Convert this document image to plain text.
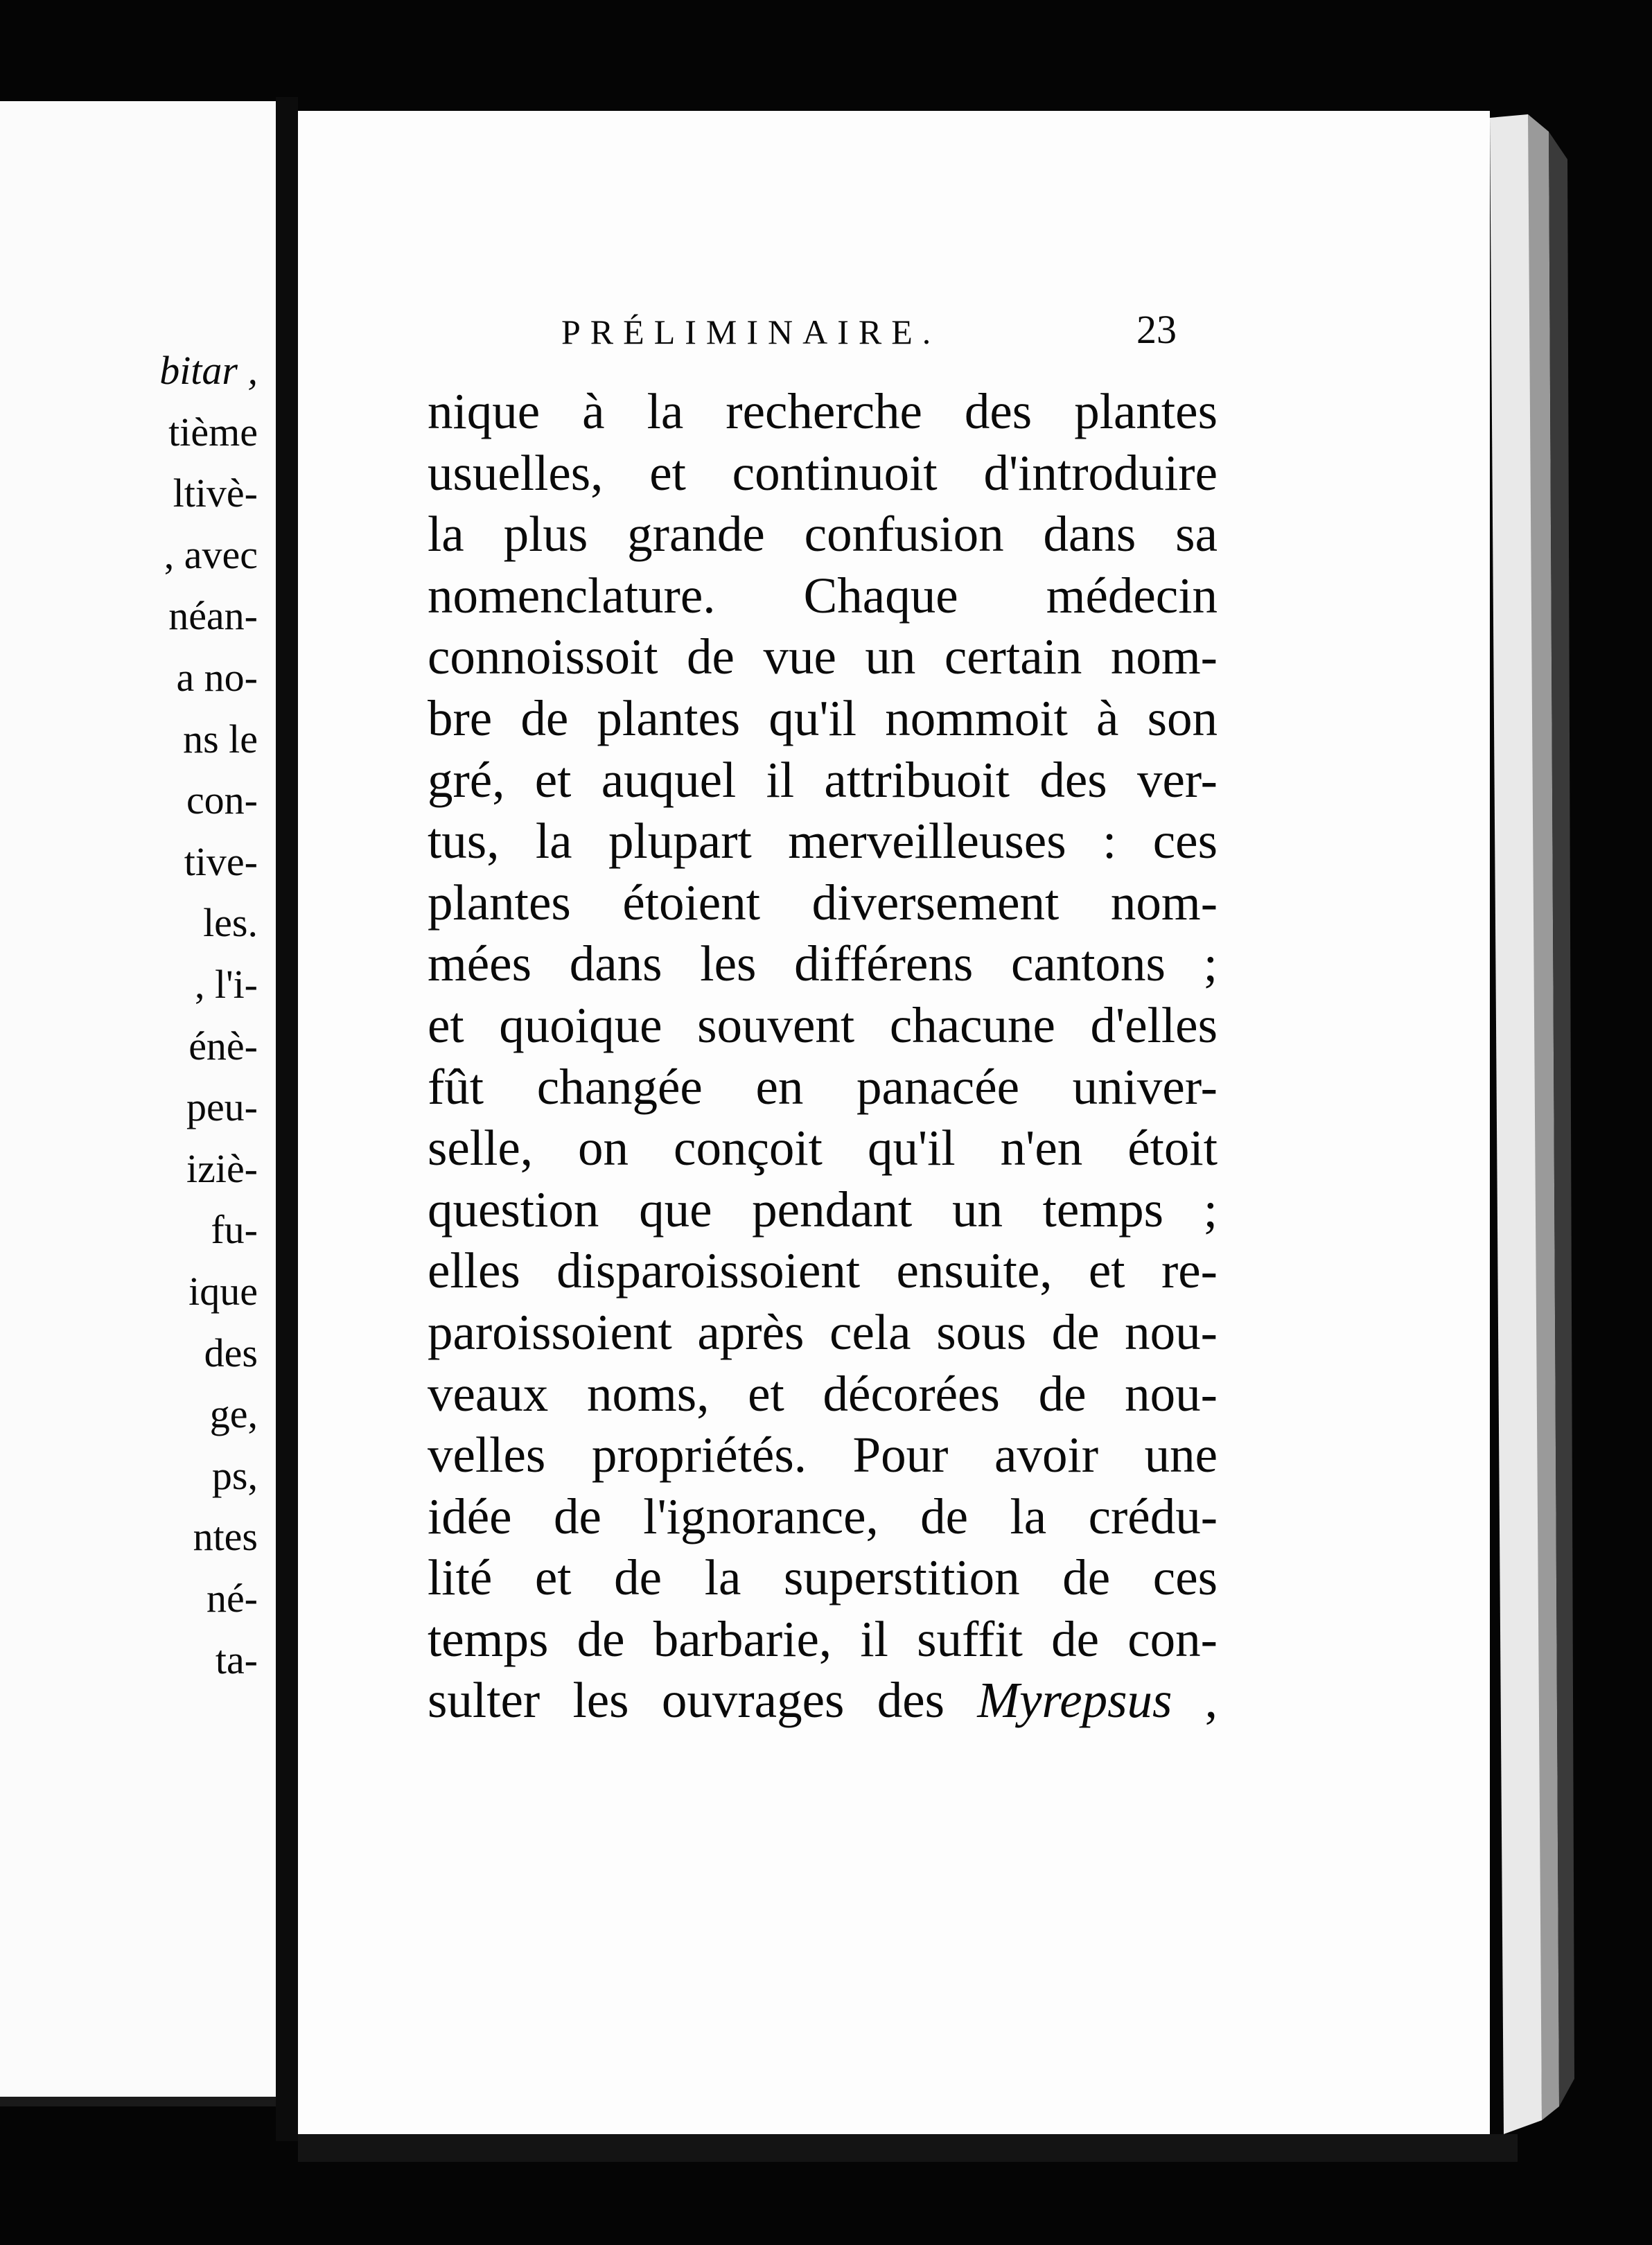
bitar ,
tième
ltivè-
, avec
néan-
a no-
ns le
con-
tive-
les.
, l'i-
énè-
peu-
iziè-
fu-
ique
des
ge,
ps,
ntes
né-
ta-
PRÉLIMINAIRE.	23
nique à la recherche des plantes
usuelles, et continuoit d'introduire
la plus grande confusion dans sa
nomenclature. Chaque médecin
connoissoit de vue un certain nom-
bre de plantes qu'il nommoit à son
gré, et auquel il attribuoit des ver-
tus, la plupart merveilleuses : ces
plantes étoient diversement nom-
mées dans les différens cantons ;
et quoique souvent chacune d'elles
fût changée en panacée univer-
selle, on conçoit qu'il n'en étoit
question que pendant un temps ;
elles disparoissoient ensuite, et re-
paroissoient après cela sous de nou-
veaux noms, et décorées de nou-
velles propriétés. Pour avoir une
idée de l'ignorance, de la crédu-
lité et de la superstition de ces
temps de barbarie, il suffit de con-
sulter les ouvrages des Myrepsus ,
